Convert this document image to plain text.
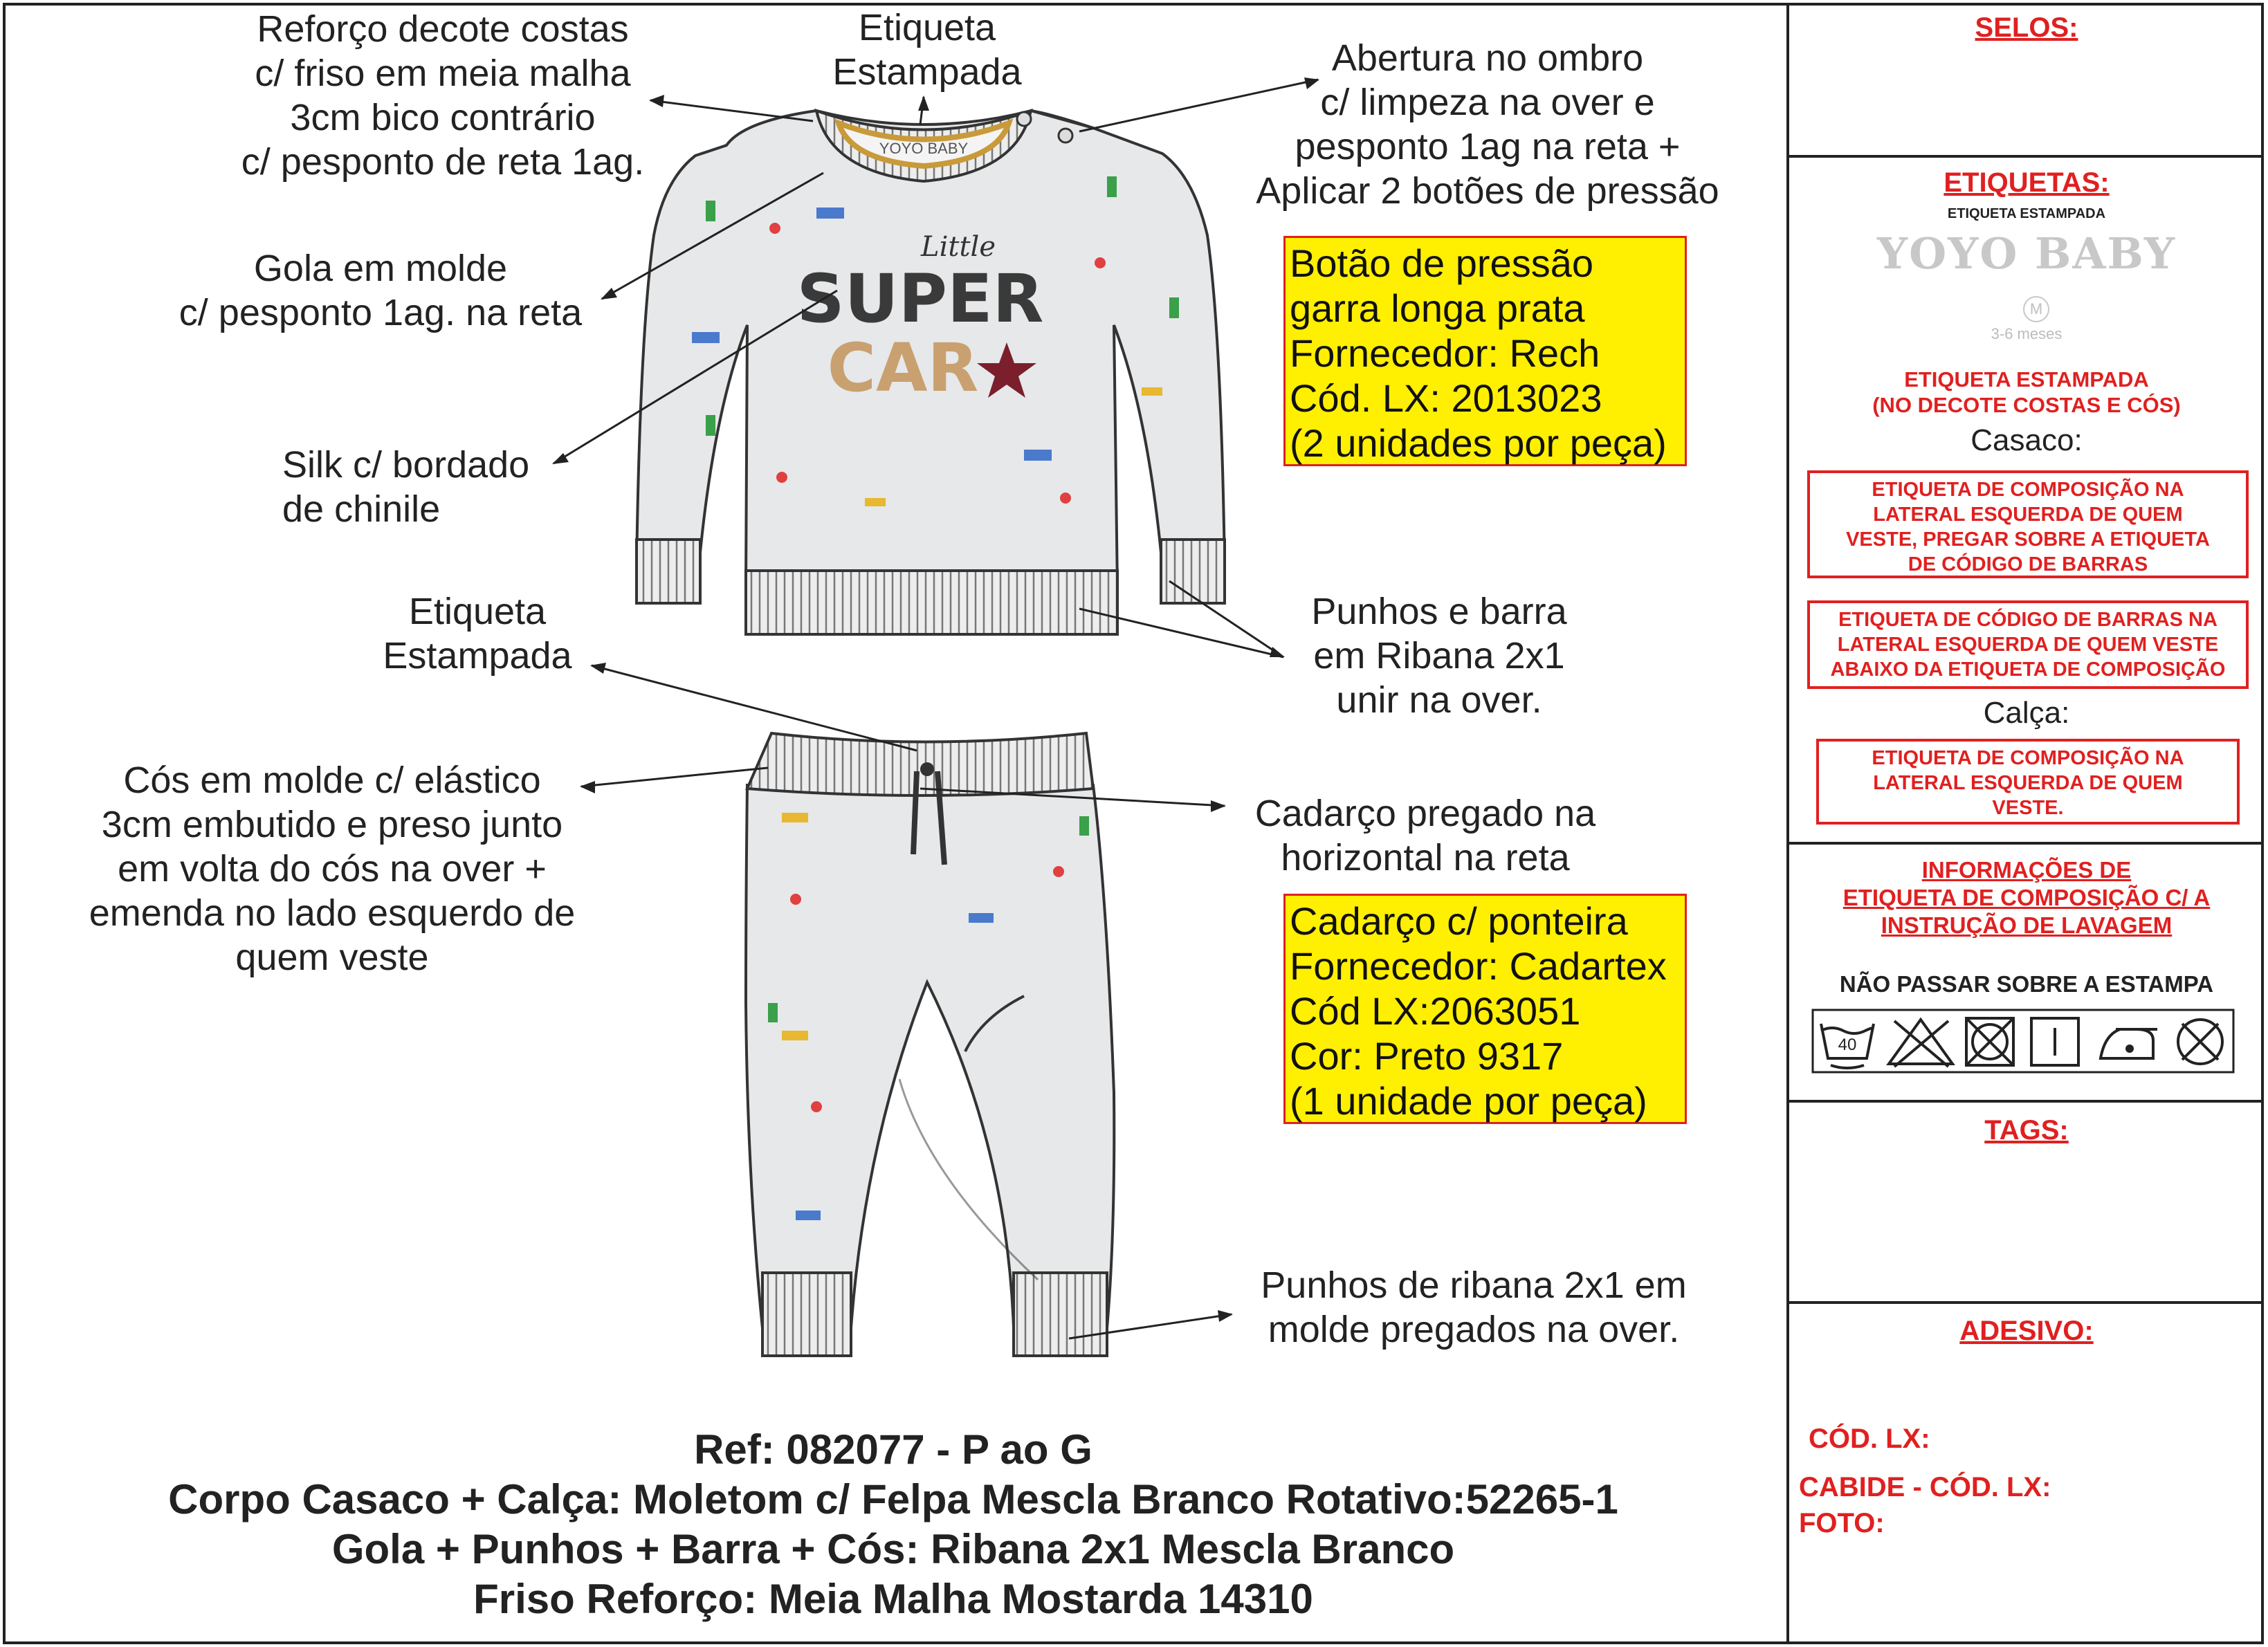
Little
SUPER
CAR
YOYO BABY
Reforço decote costas
c/ friso em meia malha
3cm bico contrário
c/ pesponto de reta 1ag.
Etiqueta
Estampada	Abertura no ombro
c/ limpeza na over e
pesponto 1ag na reta +
Aplicar 2 botões de pressão
Gola em molde
c/ pesponto 1ag. na reta
Silk c/ bordado
de chinile
Punhos e barra
em Ribana 2x1
unir na over.
Etiqueta
Estampada
Cós em molde c/ elástico
3cm embutido e preso junto
em volta do cós na over +
emenda no lado esquerdo de
quem veste
Cadarço pregado na
horizontal na reta
Punhos de ribana 2x1 em
molde pregados na over.
Botão de pressão
garra longa prata
Fornecedor: Rech
Cód. LX: 2013023
(2 unidades por peça)
Cadarço c/ ponteira
Fornecedor: Cadartex
Cód LX:2063051
Cor: Preto 9317
(1 unidade por peça)
Ref: 082077 - P ao G
Corpo Casaco + Calça: Moletom c/ Felpa Mescla Branco Rotativo:52265-1
Gola + Punhos + Barra + Cós: Ribana 2x1 Mescla Branco
Friso Reforço: Meia Malha Mostarda 14310
SELOS:
ETIQUETAS:
ETIQUETA ESTAMPADA
YOYO BABY
M
3-6 meses
ETIQUETA ESTAMPADA
(NO DECOTE COSTAS E CÓS)
Casaco:
ETIQUETA DE COMPOSIÇÃO NA
LATERAL ESQUERDA DE QUEM
VESTE, PREGAR SOBRE A ETIQUETA
DE CÓDIGO DE BARRAS
ETIQUETA DE CÓDIGO DE BARRAS NA
LATERAL ESQUERDA DE QUEM VESTE
ABAIXO DA ETIQUETA DE COMPOSIÇÃO
Calça:
ETIQUETA DE COMPOSIÇÃO NA
LATERAL ESQUERDA DE QUEM
VESTE.
INFORMAÇÕES DE
ETIQUETA DE COMPOSIÇÃO C/ A
INSTRUÇÃO DE LAVAGEM
NÃO PASSAR SOBRE A ESTAMPA
40
TAGS:
ADESIVO:
CÓD. LX:
CABIDE - CÓD. LX:
FOTO:
